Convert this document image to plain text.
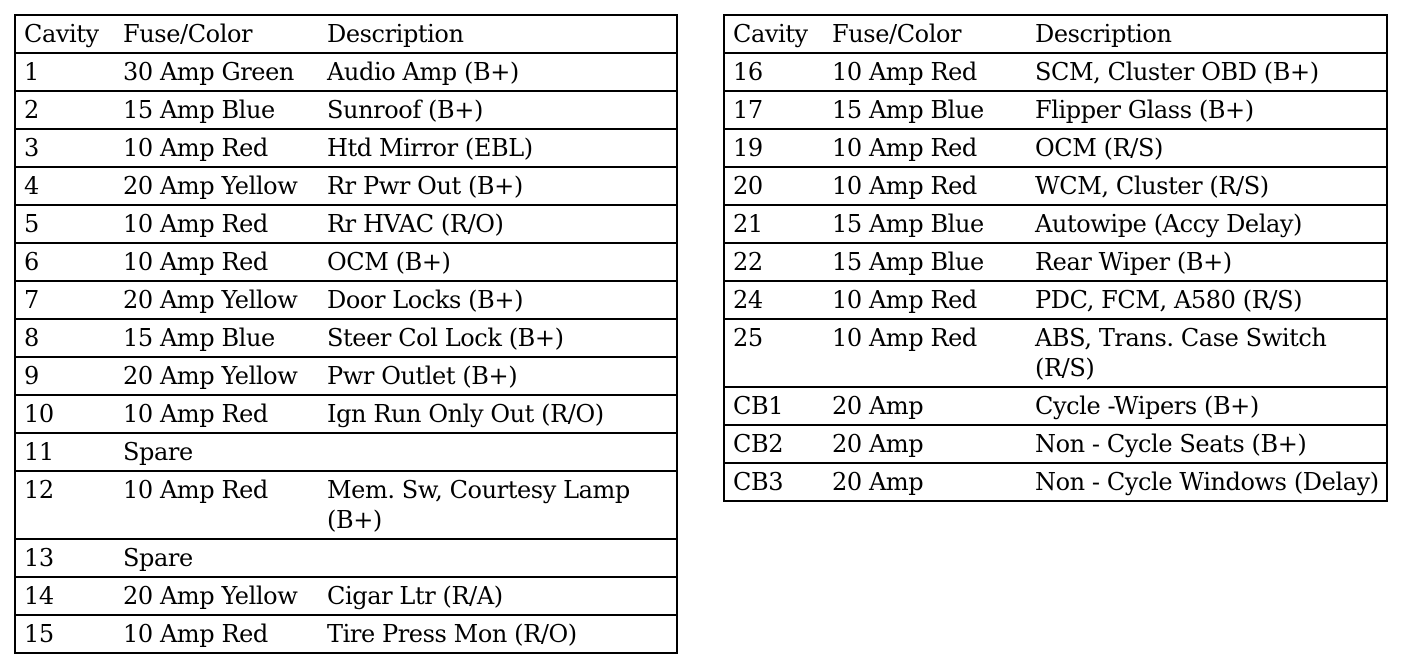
Cavity	Fuse/Color	Description
1	30 Amp Green	Audio Amp (B+)
2	15 Amp Blue	Sunroof (B+)
3	10 Amp Red	Htd Mirror (EBL)
4	20 Amp Yellow	Rr Pwr Out (B+)
5	10 Amp Red	Rr HVAC (R/O)
6	10 Amp Red	OCM (B+)
7	20 Amp Yellow	Door Locks (B+)
8	15 Amp Blue	Steer Col Lock (B+)
9	20 Amp Yellow	Pwr Outlet (B+)
10	10 Amp Red	Ign Run Only Out (R/O)
11	Spare	
12	10 Amp Red	Mem. Sw, Courtesy Lamp (B+)
13	Spare	
14	20 Amp Yellow	Cigar Ltr (R/A)
15	10 Amp Red	Tire Press Mon (R/O)
Cavity	Fuse/Color	Description
16	10 Amp Red	SCM, Cluster OBD (B+)
17	15 Amp Blue	Flipper Glass (B+)
19	10 Amp Red	OCM (R/S)
20	10 Amp Red	WCM, Cluster (R/S)
21	15 Amp Blue	Autowipe (Accy Delay)
22	15 Amp Blue	Rear Wiper (B+)
24	10 Amp Red	PDC, FCM, A580 (R/S)
25	10 Amp Red	ABS, Trans. Case Switch (R/S)
CB1	20 Amp	Cycle -Wipers (B+)
CB2	20 Amp	Non - Cycle Seats (B+)
CB3	20 Amp	Non - Cycle Windows (Delay)
